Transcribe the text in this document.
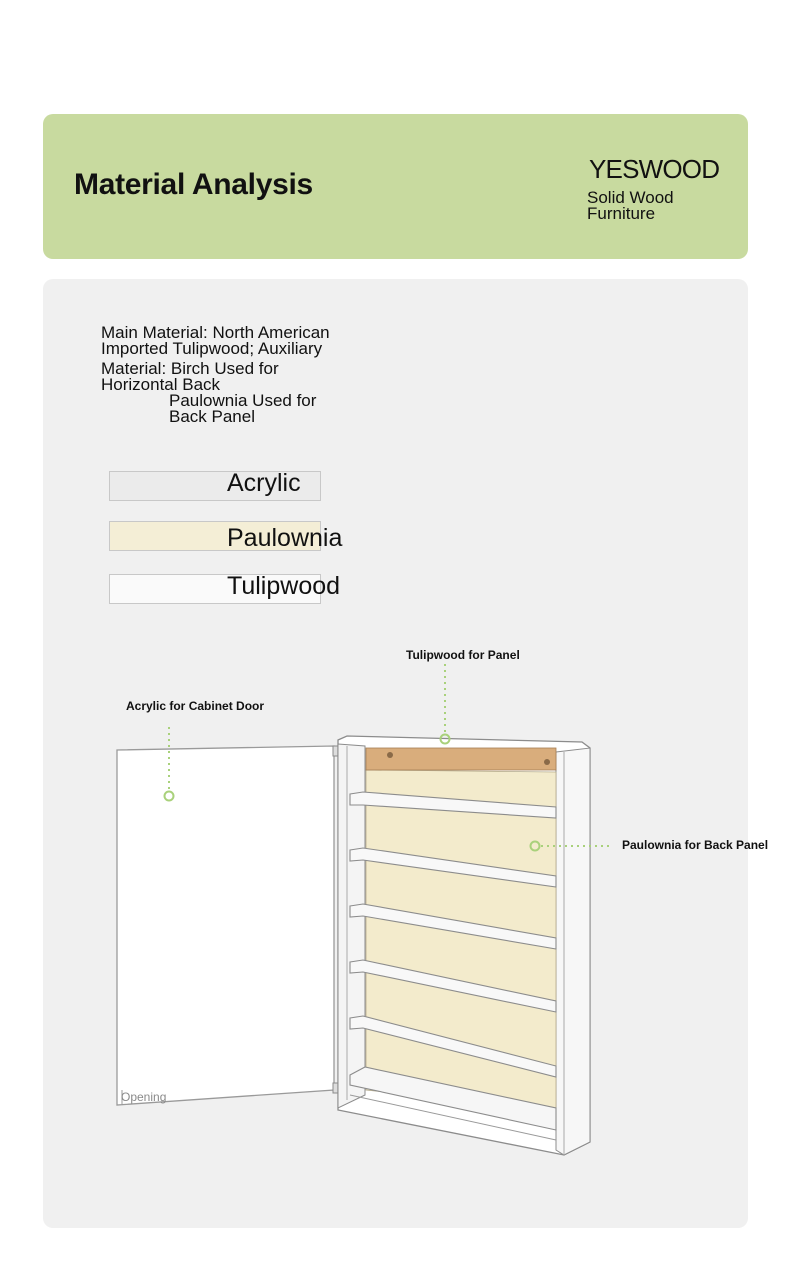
Material Analysis	YESWOOD
Solid Wood Furniture

Main Material: North American
Imported Tulipwood; Auxiliary
Material: Birch Used for
Horizontal Back
Paulownia Used for
Back Panel

Acrylic
Paulownia
Tulipwood
Tulipwood for Panel
Acrylic for Cabinet Door
Paulownia for Back Panel
Opening
